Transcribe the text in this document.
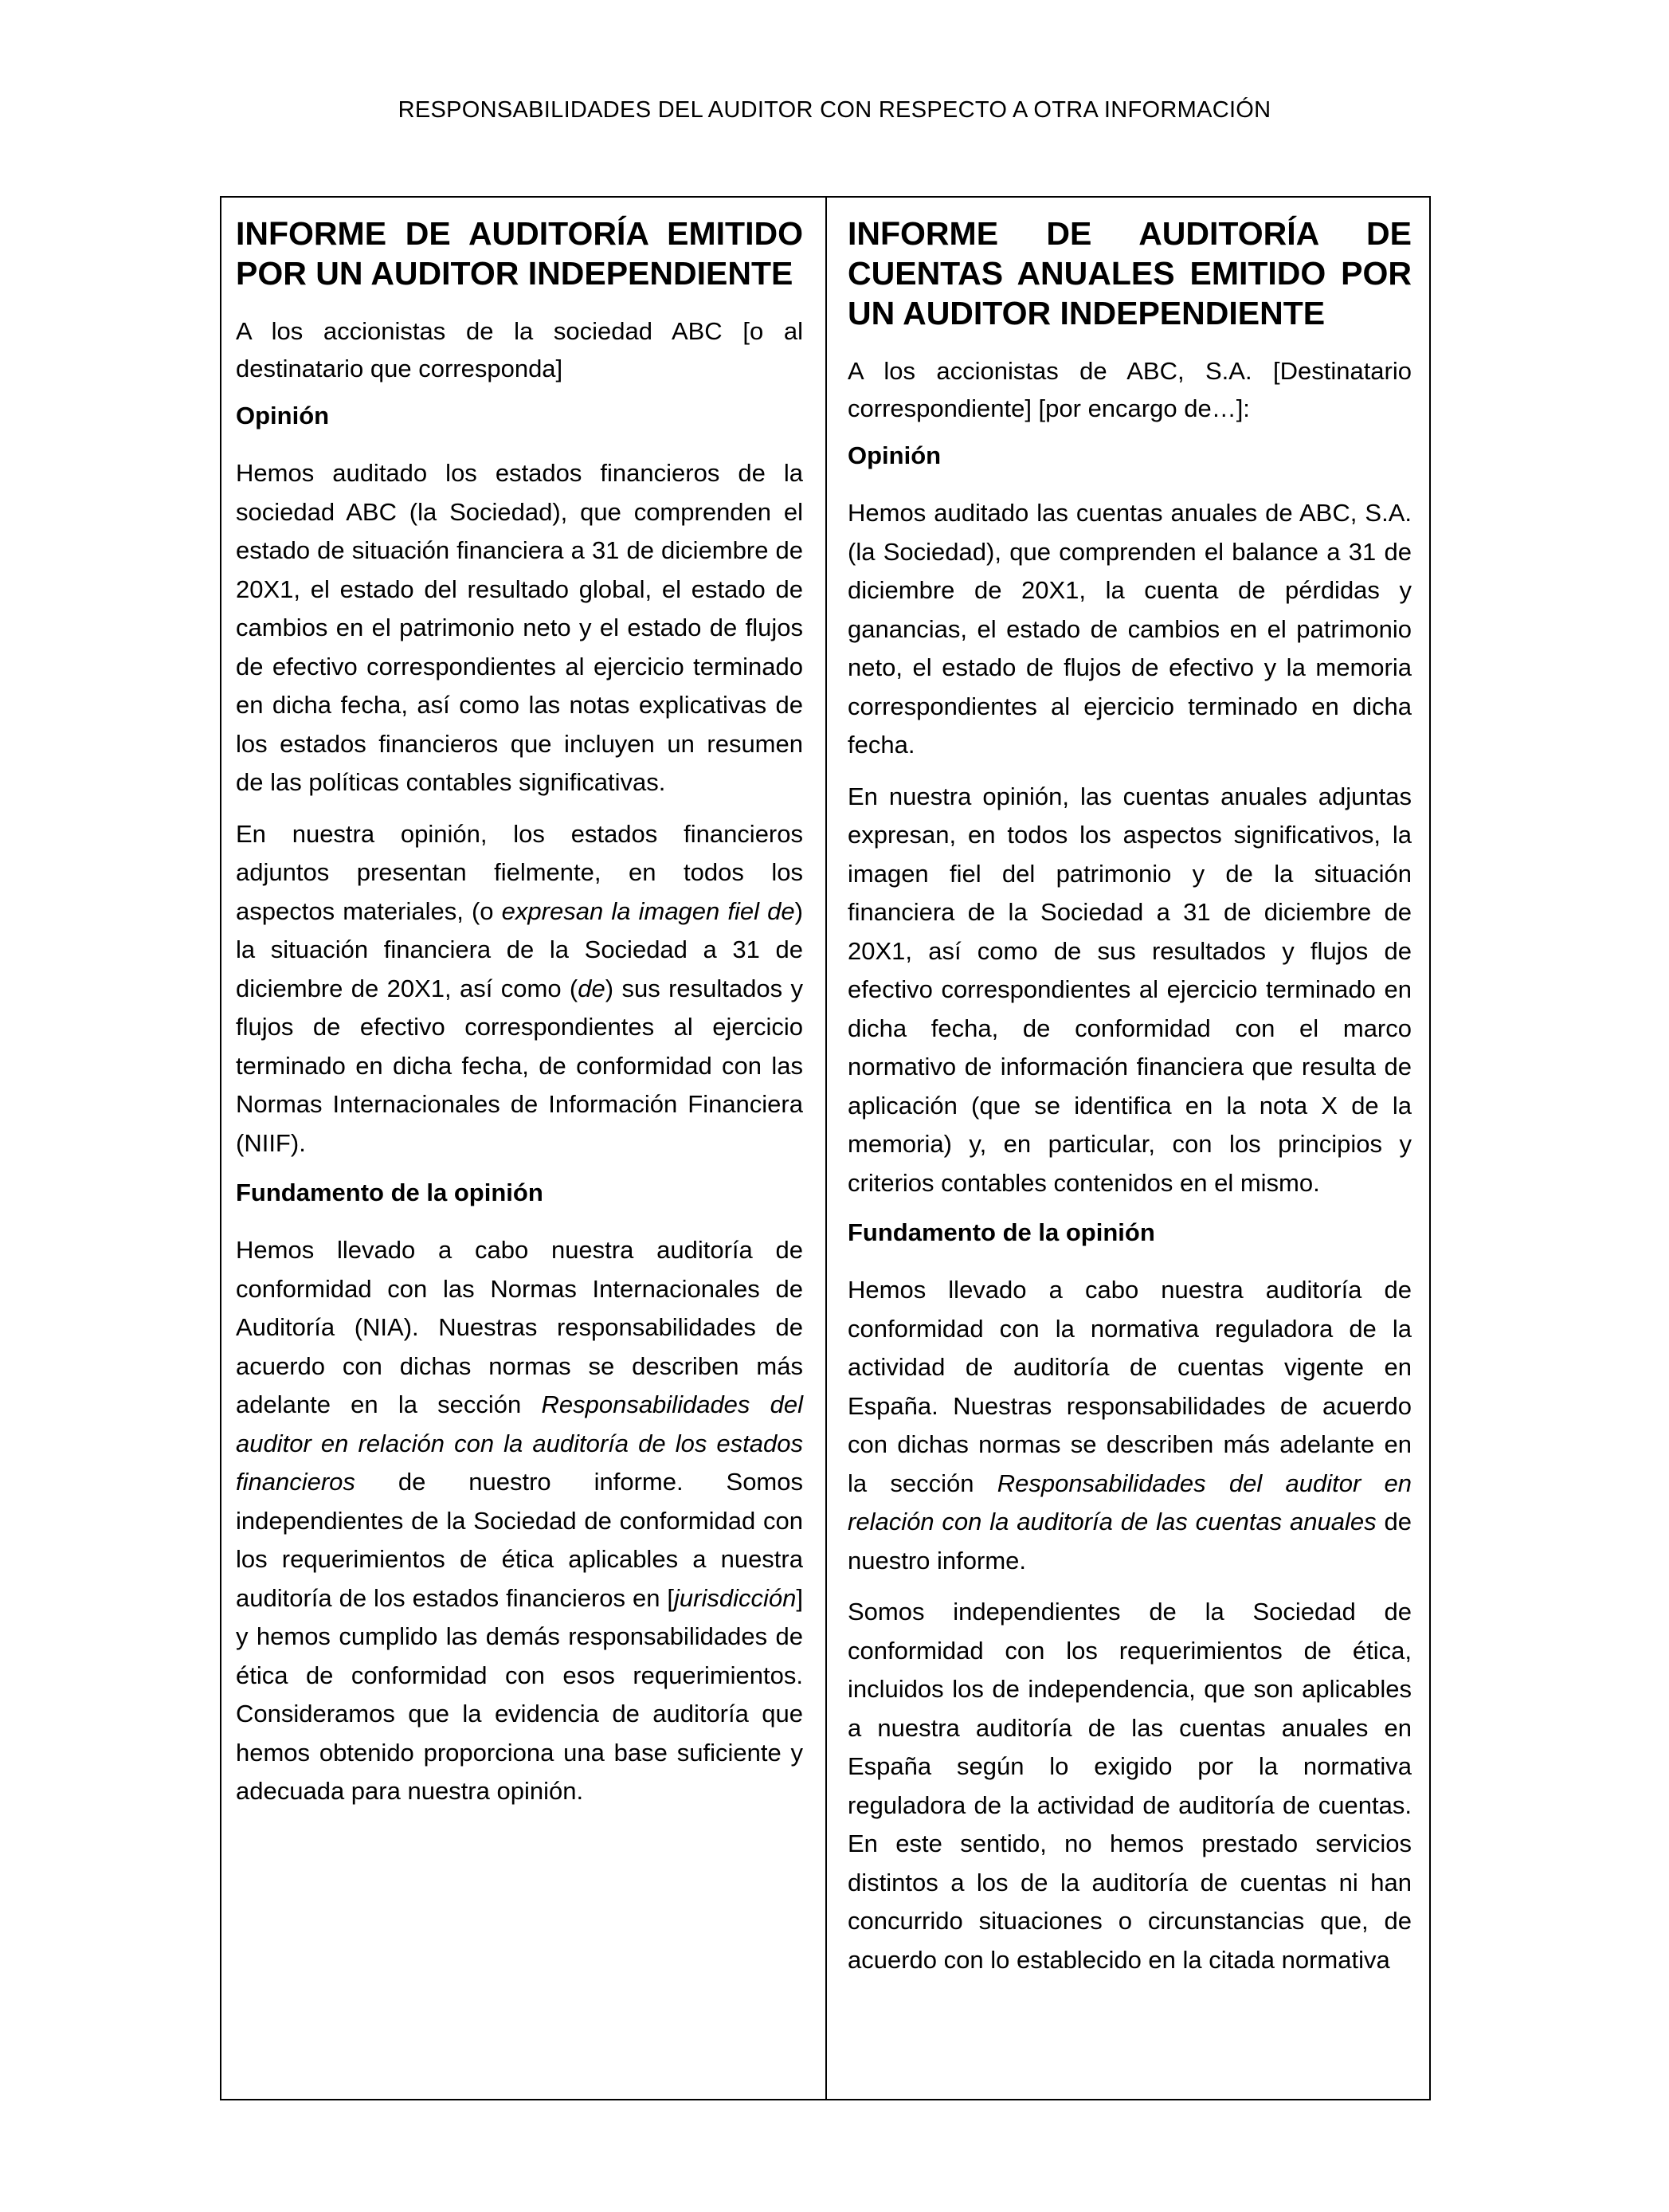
RESPONSABILIDADES DEL AUDITOR CON RESPECTO A OTRA INFORMACIÓN
INFORME DE AUDITORÍA EMITIDO POR UN AUDITOR INDEPENDIENTE
A los accionistas de la sociedad ABC [o al destinatario que corresponda]
Opinión
Hemos auditado los estados financieros de la sociedad ABC (la Sociedad), que comprenden el estado de situación financiera a 31 de diciembre de 20X1, el estado del resultado global, el estado de cambios en el patrimonio neto y el estado de flujos de efectivo correspondientes al ejercicio terminado en dicha fecha, así como las notas explicativas de los estados financieros que incluyen un resumen de las políticas contables significativas.
En nuestra opinión, los estados financieros adjuntos presentan fielmente, en todos los aspectos materiales, (o expresan la imagen fiel de) la situación financiera de la Sociedad a 31 de diciembre de 20X1, así como (de) sus resultados y flujos de efectivo correspondientes al ejercicio terminado en dicha fecha, de conformidad con las Normas Internacionales de Información Financiera (NIIF).
Fundamento de la opinión
Hemos llevado a cabo nuestra auditoría de conformidad con las Normas Internacionales de Auditoría (NIA). Nuestras responsabilidades de acuerdo con dichas normas se describen más adelante en la sección Responsabilidades del auditor en relación con la auditoría de los estados financieros de nuestro informe. Somos independientes de la Sociedad de conformidad con los requerimientos de ética aplicables a nuestra auditoría de los estados financieros en [jurisdicción] y hemos cumplido las demás responsabilidades de ética de conformidad con esos requerimientos. Consideramos que la evidencia de auditoría que hemos obtenido proporciona una base suficiente y adecuada para nuestra opinión.
INFORME DE AUDITORÍA DE CUENTAS ANUALES EMITIDO POR UN AUDITOR INDEPENDIENTE
A los accionistas de ABC, S.A. [Destinatario correspondiente] [por encargo de…]:
Opinión
Hemos auditado las cuentas anuales de ABC, S.A. (la Sociedad), que comprenden el balance a 31 de diciembre de 20X1, la cuenta de pérdidas y ganancias, el estado de cambios en el patrimonio neto, el estado de flujos de efectivo y la memoria correspondientes al ejercicio terminado en dicha fecha.
En nuestra opinión, las cuentas anuales adjuntas expresan, en todos los aspectos significativos, la imagen fiel del patrimonio y de la situación financiera de la Sociedad a 31 de diciembre de 20X1, así como de sus resultados y flujos de efectivo correspondientes al ejercicio terminado en dicha fecha, de conformidad con el marco normativo de información financiera que resulta de aplicación (que se identifica en la nota X de la memoria) y, en particular, con los principios y criterios contables contenidos en el mismo.
Fundamento de la opinión
Hemos llevado a cabo nuestra auditoría de conformidad con la normativa reguladora de la actividad de auditoría de cuentas vigente en España. Nuestras responsabilidades de acuerdo con dichas normas se describen más adelante en la sección Responsabilidades del auditor en relación con la auditoría de las cuentas anuales de nuestro informe.
Somos independientes de la Sociedad de conformidad con los requerimientos de ética, incluidos los de independencia, que son aplicables a nuestra auditoría de las cuentas anuales en España según lo exigido por la normativa reguladora de la actividad de auditoría de cuentas. En este sentido, no hemos prestado servicios distintos a los de la auditoría de cuentas ni han concurrido situaciones o circunstancias que, de acuerdo con lo establecido en la citada normativa
